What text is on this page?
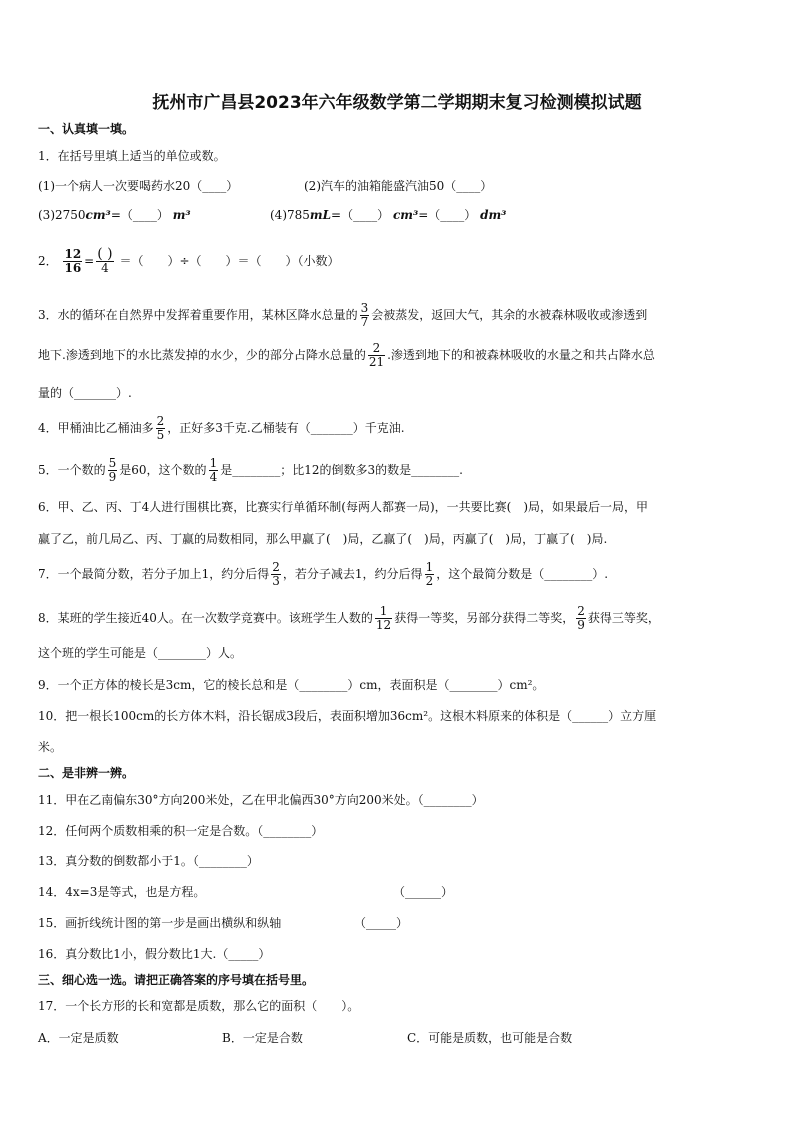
抚州市广昌县2023年六年级数学第二学期期末复习检测模拟试题
一、认真填一填。
1．在括号里填上适当的单位或数。
(1)一个病人一次要喝药水20（____）	(2)汽车的油箱能盛汽油50（____）
(3)2750cm³=（____） m³	(4)785mL=（____） cm³=（____） dm³
2． $\frac{12}{16} = \frac{( )}{4}$ ＝（　　）÷（　　）＝（　　）（小数）
3．水的循环在自然界中发挥着重要作用，某林区降水总量的 $\frac{3}{7}$ 会被蒸发，返回大气，其余的水被森林吸收或渗透到
地下.渗透到地下的水比蒸发掉的水少，少的部分占降水总量的 $\frac{2}{21}$ .渗透到地下的和被森林吸收的水量之和共占降水总
量的（_______）.
4．甲桶油比乙桶油多 $\frac{2}{5}$ ，正好多3千克.乙桶装有（_______）千克油.
5．一个数的 $\frac{5}{9}$ 是60，这个数的 $\frac{1}{4}$ 是________；比12的倒数多3的数是________.
6．甲、乙、丙、丁4人进行围棋比赛，比赛实行单循环制(每两人都赛一局)，一共要比赛(　)局，如果最后一局，甲
赢了乙，前几局乙、丙、丁赢的局数相同，那么甲赢了(　)局，乙赢了(　)局，丙赢了(　)局，丁赢了(　)局.
7．一个最简分数，若分子加上1，约分后得 $\frac{2}{3}$ ，若分子减去1，约分后得 $\frac{1}{2}$ ，这个最简分数是（________）.
8．某班的学生接近40人。在一次数学竞赛中。该班学生人数的 $\frac{1}{12}$ 获得一等奖，另部分获得二等奖， $\frac{2}{9}$ 获得三等奖，
这个班的学生可能是（________）人。
9．一个正方体的棱长是3cm，它的棱长总和是（________）cm，表面积是（________）cm²。
10．把一根长100cm的长方体木料，沿长锯成3段后，表面积增加36cm²。这根木料原来的体积是（______）立方厘
米。
二、是非辨一辨。
11．甲在乙南偏东30°方向200米处，乙在甲北偏西30°方向200米处。（________）
12．任何两个质数相乘的积一定是合数。（________）
13．真分数的倒数都小于1。（________）
14．4x=3是等式，也是方程。	（______）
15．画折线统计图的第一步是画出横纵和纵轴	（_____）
16．真分数比1小，假分数比1大.（_____）
三、细心选一选。请把正确答案的序号填在括号里。
17．一个长方形的长和宽都是质数，那么它的面积（　　）。
A．一定是质数	B．一定是合数	C．可能是质数，也可能是合数
